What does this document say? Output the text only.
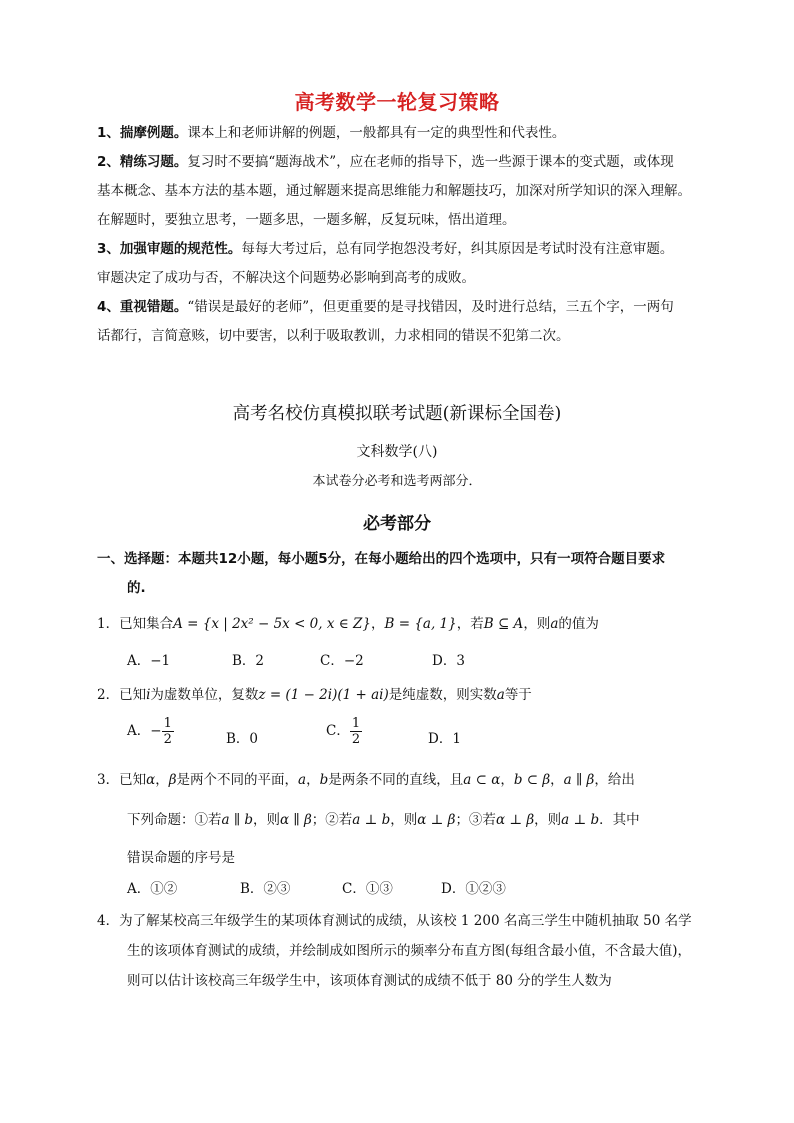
高考数学一轮复习策略
1、揣摩例题。课本上和老师讲解的例题，一般都具有一定的典型性和代表性。
2、精练习题。复习时不要搞“题海战术”，应在老师的指导下，选一些源于课本的变式题，或体现
基本概念、基本方法的基本题，通过解题来提高思维能力和解题技巧，加深对所学知识的深入理解。
在解题时，要独立思考，一题多思，一题多解，反复玩味，悟出道理。
3、加强审题的规范性。每每大考过后，总有同学抱怨没考好，纠其原因是考试时没有注意审题。
审题决定了成功与否，不解决这个问题势必影响到高考的成败。
4、重视错题。“错误是最好的老师”，但更重要的是寻找错因，及时进行总结，三五个字，一两句
话都行，言简意赅，切中要害，以利于吸取教训，力求相同的错误不犯第二次。
高考名校仿真模拟联考试题(新课标全国卷)
文科数学(八)
本试卷分必考和选考两部分．
必考部分
一、选择题：本题共12小题，每小题5分，在每小题给出的四个选项中，只有一项符合题目要求
的.
1．已知集合A = {x | 2x² − 5x < 0, x ∈ Z}，B = {a, 1}，若B ⊆ A，则a的值为
A．−1	B．2	C．−2	D．3
2．已知i为虚数单位，复数z = (1 − 2i)(1 + ai)是纯虚数，则实数a等于
A．− $\frac{1}{2}$	B．0	C． $\frac{1}{2}$	D．1
3．已知α，β是两个不同的平面，a，b是两条不同的直线，且a ⊂ α，b ⊂ β，a ∥ β，给出
下列命题：①若a ∥ b，则α ∥ β；②若a ⊥ b，则α ⊥ β；③若α ⊥ β，则a ⊥ b．其中
错误命题的序号是
A．①②	B．②③	C．①③	D．①②③
4．为了解某校高三年级学生的某项体育测试的成绩，从该校 1 200 名高三学生中随机抽取 50 名学
生的该项体育测试的成绩，并绘制成如图所示的频率分布直方图(每组含最小值，不含最大值)，
则可以估计该校高三年级学生中，该项体育测试的成绩不低于 80 分的学生人数为
